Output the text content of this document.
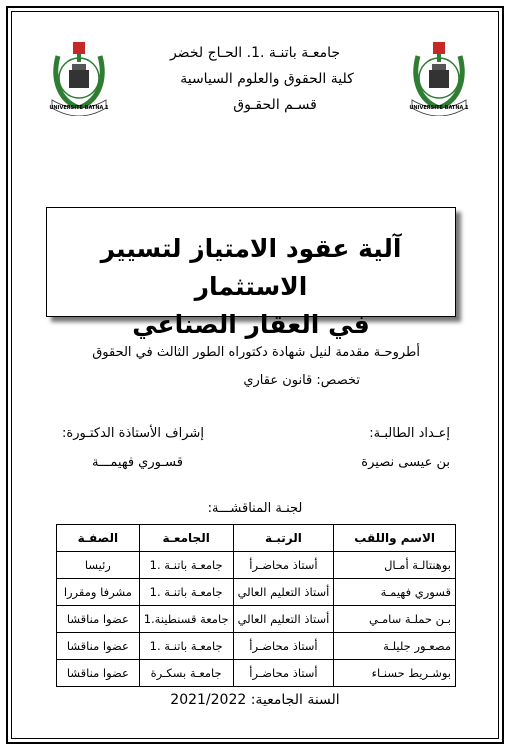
UNIVERSITE BATNA 1	UNIVERSITE BATNA 1
جامعـة باتنـة .1. الحـاج لخضر
كلية الحقوق والعلوم السياسية
قسـم الحقـوق
آلية عقود الامتياز لتسيير الاستثمار
في العقار الصناعي
أطروحـة مقدمة لنيل شهادة دكتوراه الطور الثالث في الحقوق
تخصص: قانون عقاري
إعـداد الطالبـة:
بن عيسى نصيرة
إشراف الأستاذة الدكتـورة:
قسـوري فهيمـــة
لجنـة المناقشـــة:
الاسم واللقب	الرتبـة	الجامعـة	الصفـة
بوهنتالـة أمـال	أستاذ محاضـرأ	جامعـة باتنـة .1	رئيسا
قسوري فهيمـة	أستاذ التعليم العالي	جامعـة باتنـة .1	مشرفا ومقررا
بـن حملـة سامـي	أستاذ التعليم العالي	جامعة قسنطينة.1	عضوا مناقشا
مصعـور جليلـة	أستاذ محاضـرأ	جامعـة باتنـة .1	عضوا مناقشا
بوشـريط حسنـاء	أستاذ محاضـرأ	جامعـة بسكـرة	عضوا مناقشا
السنة الجامعية: 2021/2022
